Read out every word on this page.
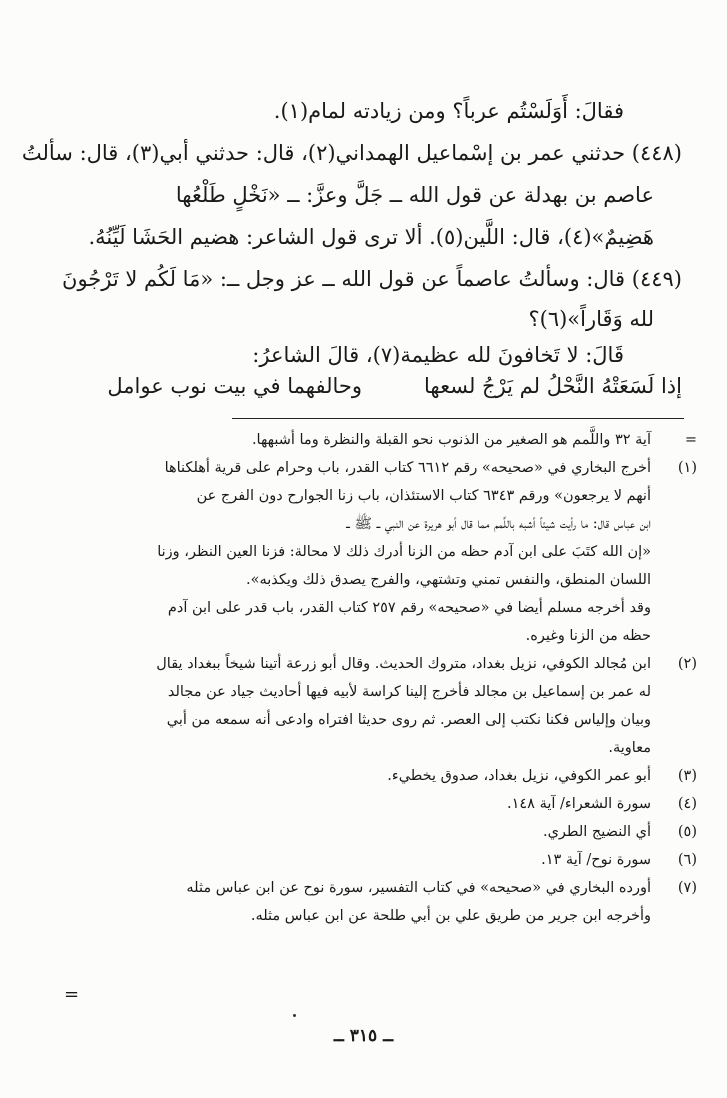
فقالَ: أَوَلَسْتُم عرباً؟ ومن زيادته لمام(١).
(٤٤٨) حدثني عمر بن إسْماعيل الهمداني(٢)، قال: حدثني أبي(٣)، قال: سألتُ
عاصم بن بهدلة عن قول الله ــ جَلَّ وعزَّ: ــ «نَخْلٍ طَلْعُها
هَضِيمٌ»(٤)، قال: اللَّين(٥). ألا ترى قول الشاعر: هضيم الحَشَا لَيِّنُهُ.
(٤٤٩) قال: وسألتُ عاصماً عن قول الله ــ عز وجل ــ: «مَا لَكُم لا تَرْجُونَ
لله وَقَاراً»(٦)؟
قَالَ: لا تَخافونَ لله عظيمة(٧)، قالَ الشاعرُ:
إذا لَسَعَتْهُ النَّحْلُ لم يَرْجُ لسعها
وحالفهما في بيت نوب عوامل
=

آية ٣٢ واللَّمم هو الصغير من الذنوب نحو القبلة والنظرة وما أشبهها.

(١)

أخرج البخاري في «صحيحه» رقم ٦٦١٢ كتاب القدر، باب وحرام على قرية أهلكناها

أنهم لا يرجعون» ورقم ٦٣٤٣ كتاب الاستئذان، باب زنا الجوارح دون الفرج عن

ابن عباس قال: ما رأيت شيئاً أشبه باللَّمم مما قال أبو هريرة عن النبي ــ ﷺ ــ

«إن الله كتَبَ على ابن آدم حظه من الزنا أدرك ذلك لا محالة: فزنا العين النظر، وزنا

اللسان المنطق، والنفس تمني وتشتهي، والفرج يصدق ذلك ويكذبه».

وقد أخرجه مسلم أيضا في «صحيحه» رقم ٢٥٧ كتاب القدر، باب قدر على ابن آدم

حظه من الزنا وغيره.

(٢)

ابن مُجالد الكوفي، نزيل بغداد، متروك الحديث. وقال أبو زرعة أتينا شيخاً ببغداد يقال

له عمر بن إسماعيل بن مجالد فأخرج إلينا كراسة لأبيه فيها أحاديث جياد عن مجالد

وبيان وإلياس فكنا نكتب إلى العصر. ثم روى حديثا افتراه وادعى أنه سمعه من أبي

معاوية.

(٣)

أبو عمر الكوفي، نزيل بغداد، صدوق يخطيء.

(٤)

سورة الشعراء/ آية ١٤٨.

(٥)

أي النضيج الطري.

(٦)

سورة نوح/ آية ١٣.

(٧)

أورده البخاري في «صحيحه» في كتاب التفسير، سورة نوح عن ابن عباس مثله

وأخرجه ابن جرير من طريق علي بن أبي طلحة عن ابن عباس مثله.

=
ــ ٣١٥ ــ
